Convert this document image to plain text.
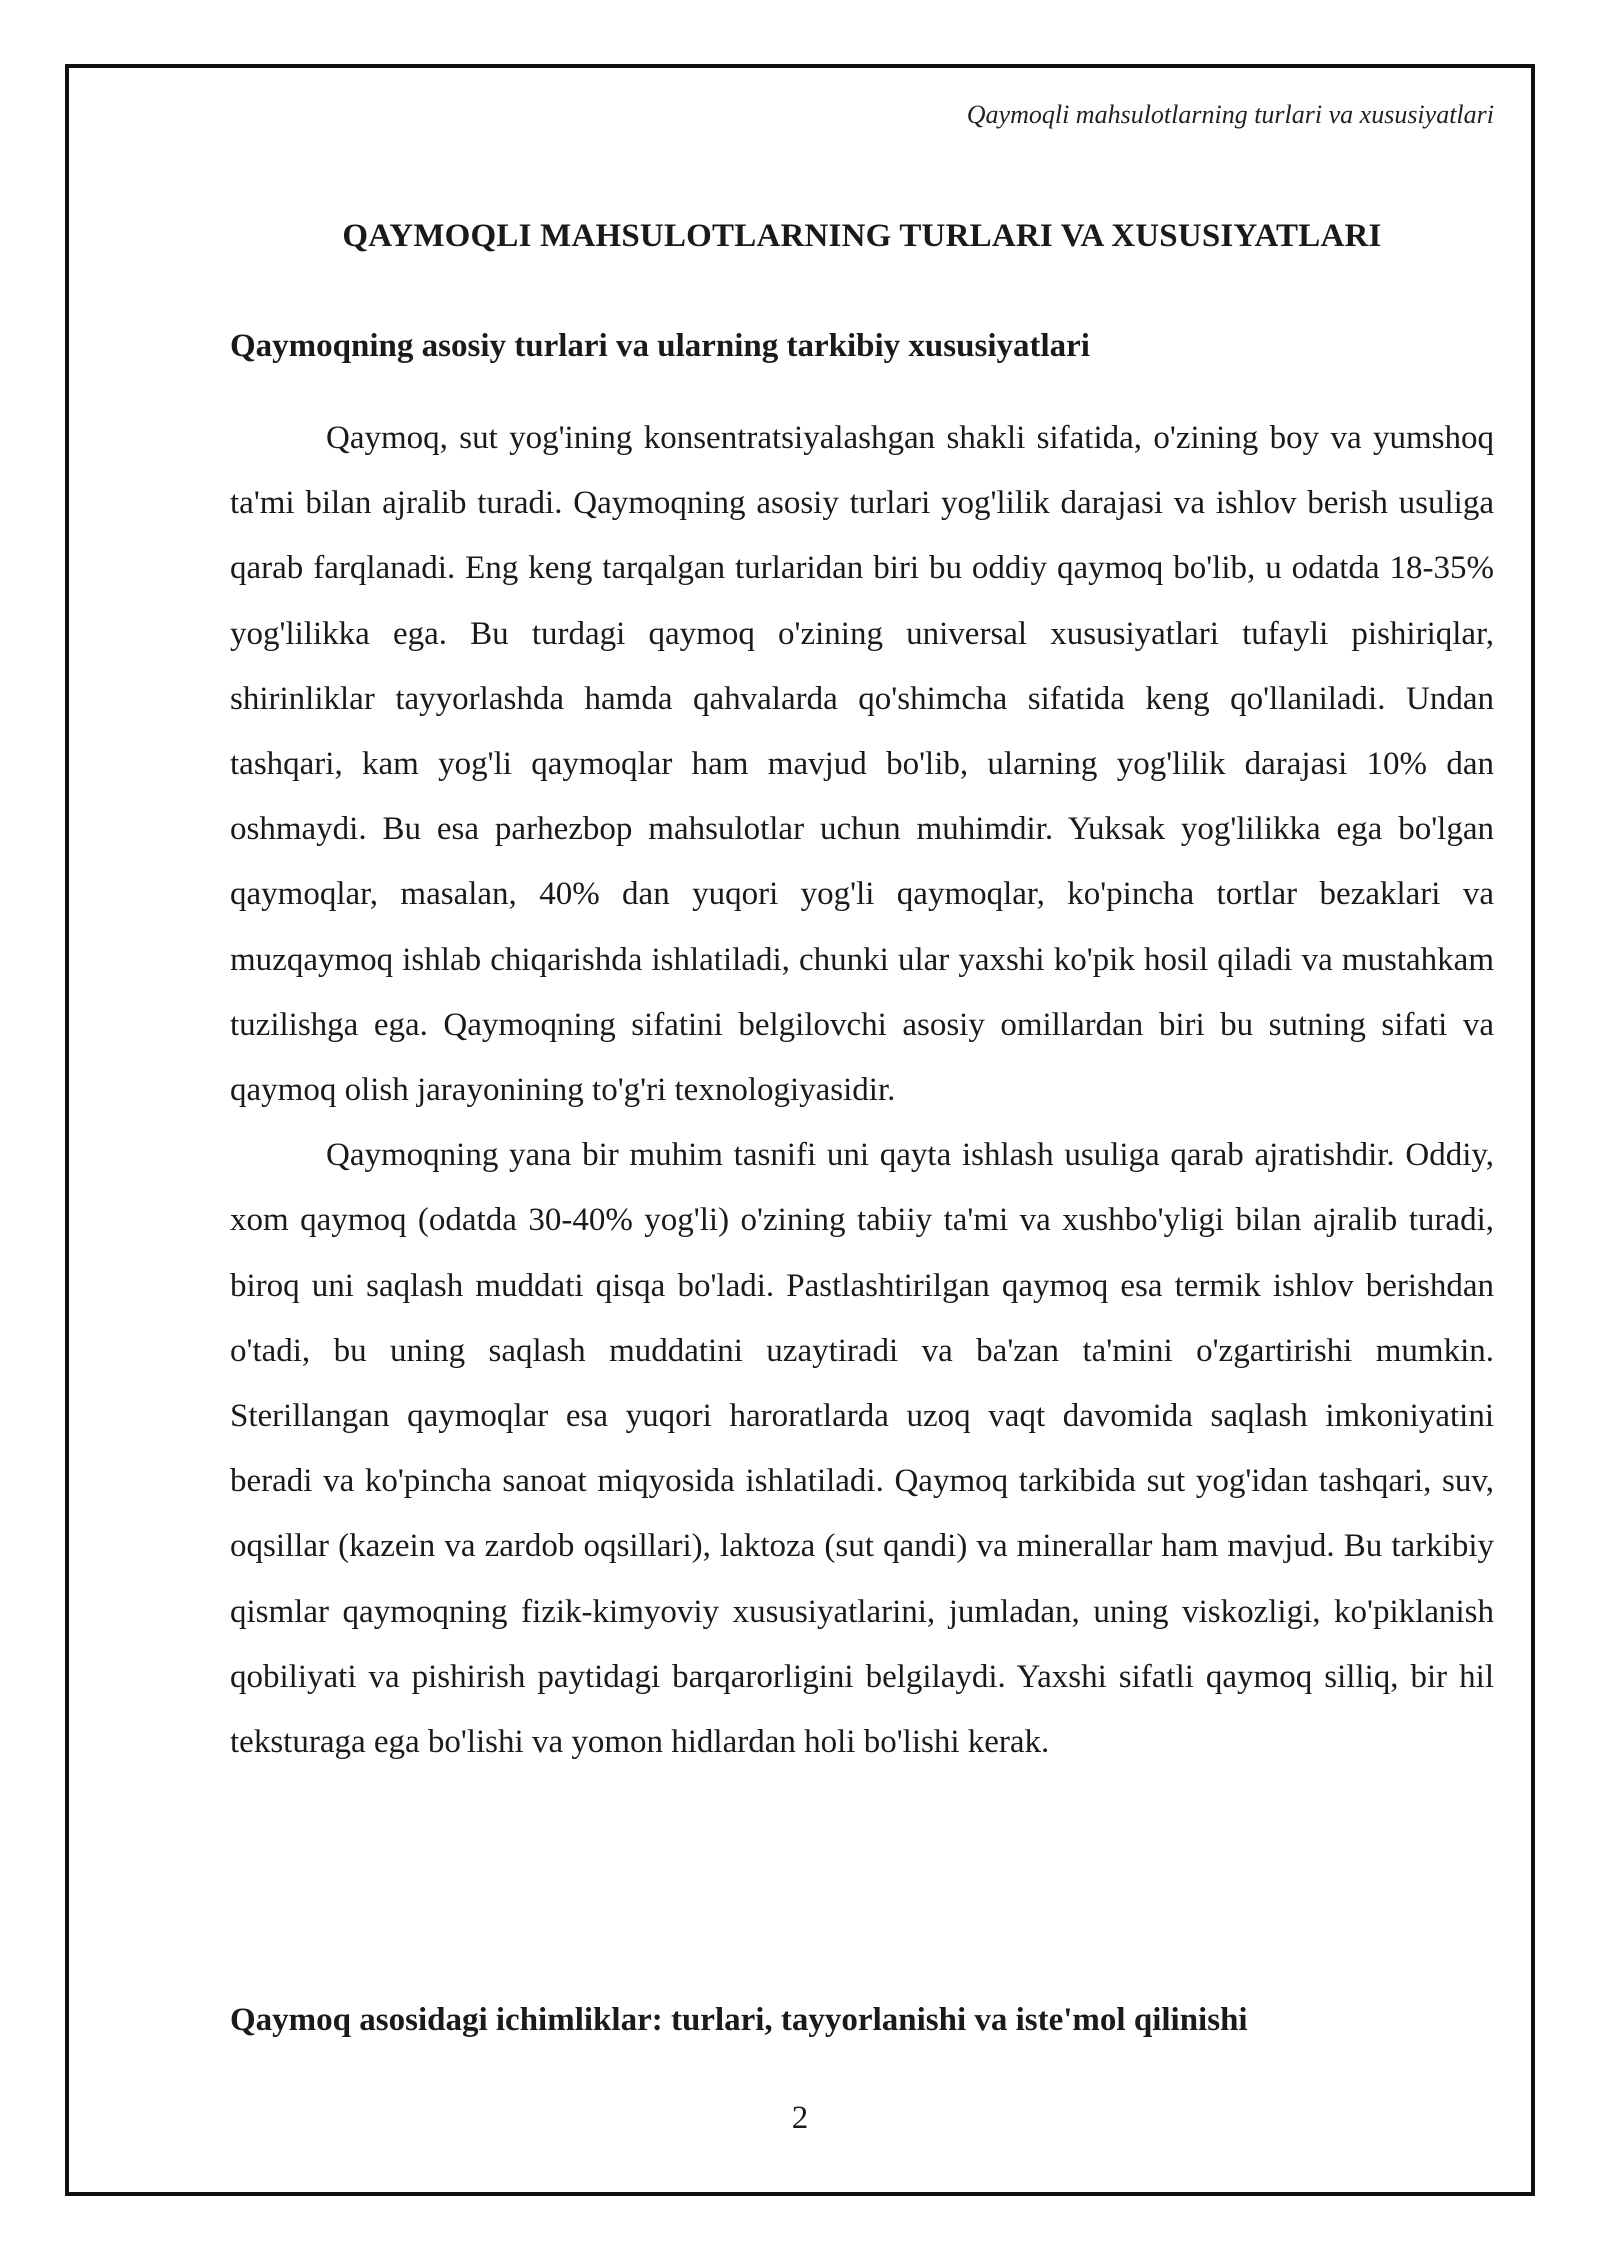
Qaymoqli mahsulotlarning turlari va xususiyatlari
QAYMOQLI MAHSULOTLARNING TURLARI VA XUSUSIYATLARI
Qaymoqning asosiy turlari va ularning tarkibiy xususiyatlari

Qaymoq, sut yog'ining konsentratsiyalashgan shakli sifatida, o'zining boy va yumshoq ta'mi bilan ajralib turadi. Qaymoqning asosiy turlari yog'lilik darajasi va ishlov berish usuliga qarab farqlanadi. Eng keng tarqalgan turlaridan biri bu oddiy qaymoq bo'lib, u odatda 18-35% yog'lilikka ega. Bu turdagi qaymoq o'zining universal xususiyatlari tufayli pishiriqlar, shirinliklar tayyorlashda hamda qahvalarda qo'shimcha sifatida keng qo'llaniladi. Undan tashqari, kam yog'li qaymoqlar ham mavjud bo'lib, ularning yog'lilik darajasi 10% dan oshmaydi. Bu esa parhezbop mahsulotlar uchun muhimdir. Yuksak yog'lilikka ega bo'lgan qaymoqlar, masalan, 40% dan yuqori yog'li qaymoqlar, ko'pincha tortlar bezaklari va muzqaymoq ishlab chiqarishda ishlatiladi, chunki ular yaxshi ko'pik hosil qiladi va mustahkam tuzilishga ega. Qaymoqning sifatini belgilovchi asosiy omillardan biri bu sutning sifati va qaymoq olish jarayonining to'g'ri texnologiyasidir.

Qaymoqning yana bir muhim tasnifi uni qayta ishlash usuliga qarab ajratishdir. Oddiy, xom qaymoq (odatda 30-40% yog'li) o'zining tabiiy ta'mi va xushbo'yligi bilan ajralib turadi, biroq uni saqlash muddati qisqa bo'ladi. Pastlashtirilgan qaymoq esa termik ishlov berishdan o'tadi, bu uning saqlash muddatini uzaytiradi va ba'zan ta'mini o'zgartirishi mumkin. Sterillangan qaymoqlar esa yuqori haroratlarda uzoq vaqt davomida saqlash imkoniyatini beradi va ko'pincha sanoat miqyosida ishlatiladi. Qaymoq tarkibida sut yog'idan tashqari, suv, oqsillar (kazein va zardob oqsillari), laktoza (sut qandi) va minerallar ham mavjud. Bu tarkibiy qismlar qaymoqning fizik-kimyoviy xususiyatlarini, jumladan, uning viskozligi, ko'piklanish qobiliyati va pishirish paytidagi barqarorligini belgilaydi. Yaxshi sifatli qaymoq silliq, bir hil teksturaga ega bo'lishi va yomon hidlardan holi bo'lishi kerak.

Qaymoq asosidagi ichimliklar: turlari, tayyorlanishi va iste'mol qilinishi
2
